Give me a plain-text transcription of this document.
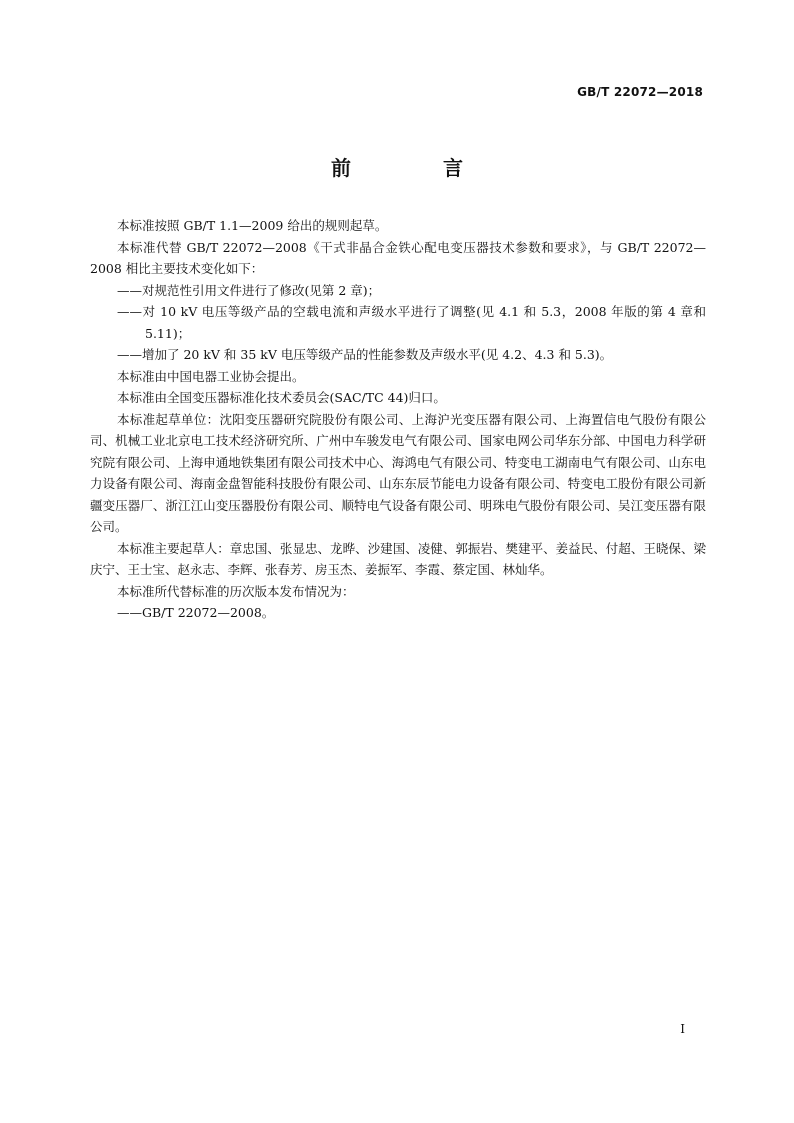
GB/T 22072—2018
前　言

本标准按照 GB/T 1.1—2009 给出的规则起草。

本标准代替 GB/T 22072—2008《干式非晶合金铁心配电变压器技术参数和要求》，与 GB/T 22072—2008 相比主要技术变化如下：

——对规范性引用文件进行了修改(见第 2 章)；

——对 10 kV 电压等级产品的空载电流和声级水平进行了调整(见 4.1 和 5.3，2008 年版的第 4 章和 5.11)；

——增加了 20 kV 和 35 kV 电压等级产品的性能参数及声级水平(见 4.2、4.3 和 5.3)。

本标准由中国电器工业协会提出。

本标准由全国变压器标准化技术委员会(SAC/TC 44)归口。

本标准起草单位：沈阳变压器研究院股份有限公司、上海沪光变压器有限公司、上海置信电气股份有限公司、机械工业北京电工技术经济研究所、广州中车骏发电气有限公司、国家电网公司华东分部、中国电力科学研究院有限公司、上海申通地铁集团有限公司技术中心、海鸿电气有限公司、特变电工湖南电气有限公司、山东电力设备有限公司、海南金盘智能科技股份有限公司、山东东辰节能电力设备有限公司、特变电工股份有限公司新疆变压器厂、浙江江山变压器股份有限公司、顺特电气设备有限公司、明珠电气股份有限公司、吴江变压器有限公司。

本标准主要起草人：章忠国、张显忠、龙晔、沙建国、凌健、郭振岩、樊建平、姜益民、付超、王晓保、梁庆宁、王士宝、赵永志、李辉、张春芳、房玉杰、姜振军、李霞、蔡定国、林灿华。

本标准所代替标准的历次版本发布情况为：

——GB/T 22072—2008。

I
